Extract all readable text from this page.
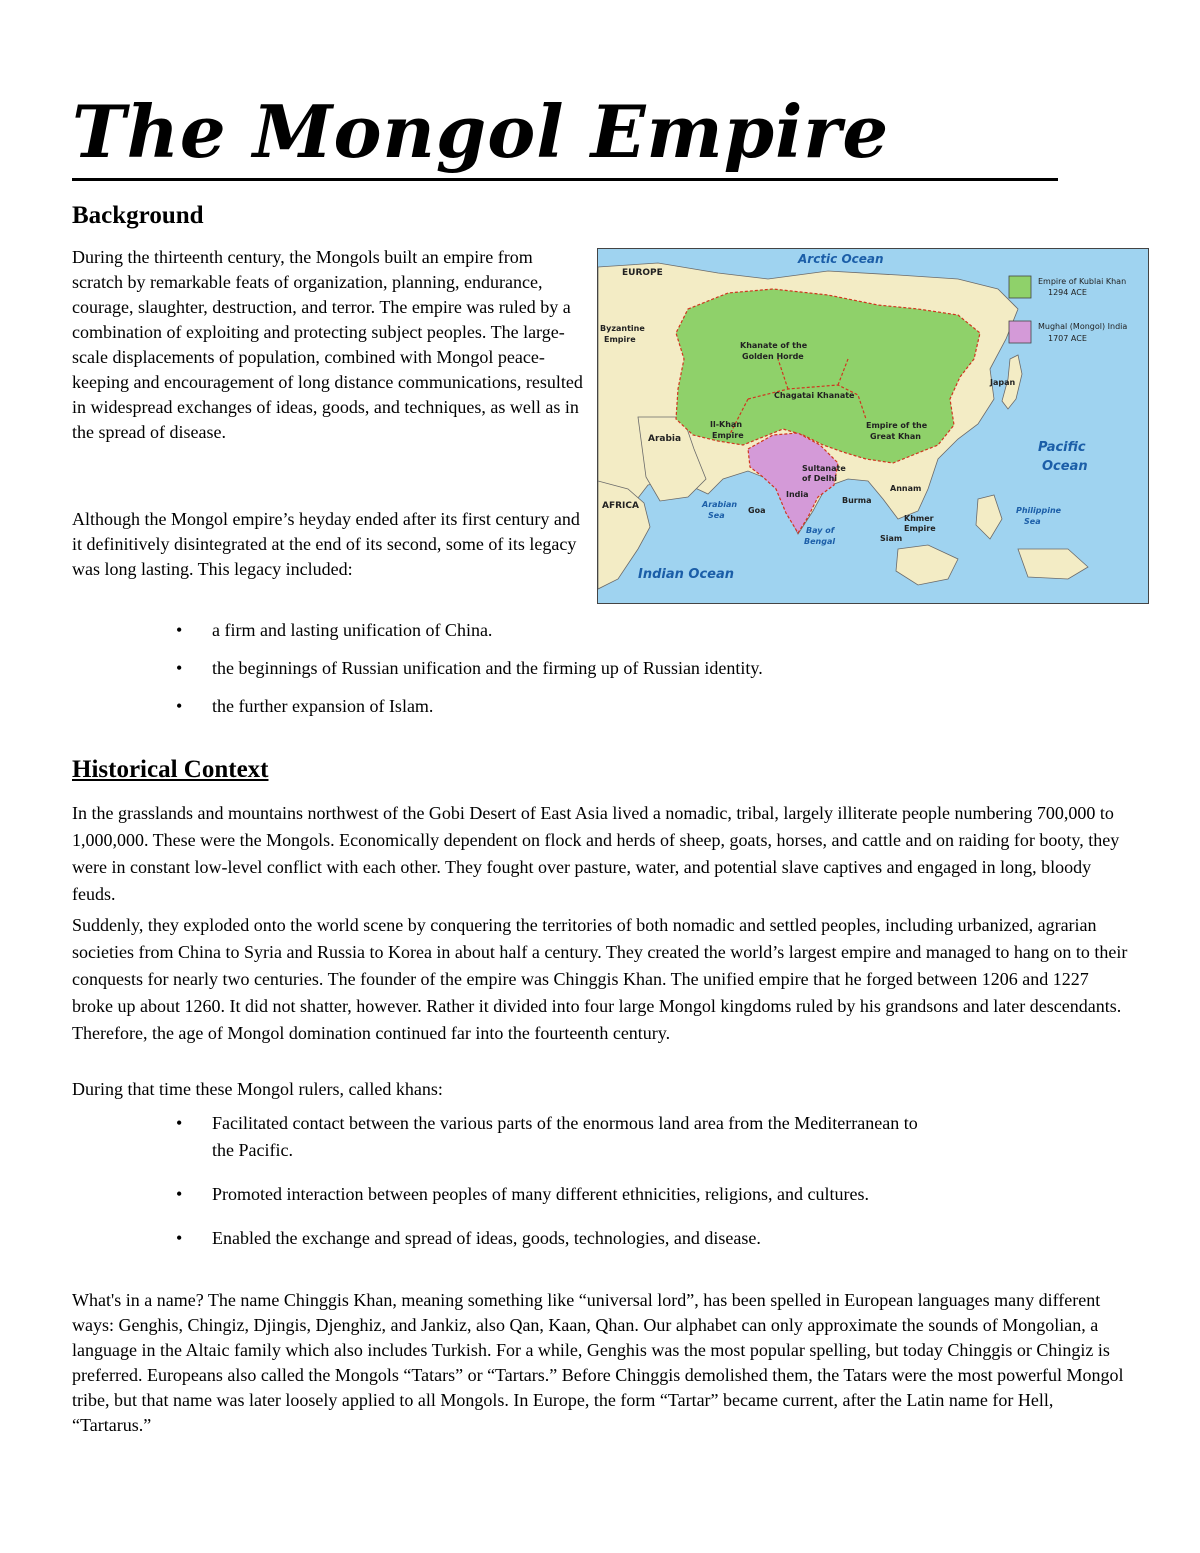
The Mongol Empire
Background

During the thirteenth century, the Mongols built an empire from scratch by remarkable feats of organization, planning, endurance, courage, slaughter, destruction, and terror. The empire was ruled by a combination of exploiting and protecting subject peoples. The large-scale displacements of population, combined with Mongol peace-keeping and encouragement of long distance communications, resulted in widespread exchanges of ideas, goods, and techniques, as well as in the spread of disease.

Although the Mongol empire’s heyday ended after its first century and it definitively disintegrated at the end of its second, some of its legacy was long lasting. This legacy included:

• a firm and lasting unification of China.
• the beginnings of Russian unification and the firming up of Russian identity.
• the further expansion of Islam.
Arctic Ocean
EUROPE
Byzantine
Empire
Khanate of the
Golden Horde
Chagatai Khanate
Il-Khan
Empire
Empire of the
Great Khan
Arabia
Sultanate
of Delhi
India
Burma
Annam
Khmer
Empire
Siam
Goa
Japan
Pacific
Ocean
Philippine
Sea
AFRICA	Arabian
Sea
Bay of
Bengal
Indian Ocean
Empire of Kublai Khan
1294 ACE
Mughal (Mongol) India
1707 ACE
Historical Context

In the grasslands and mountains northwest of the Gobi Desert of East Asia lived a nomadic, tribal, largely illiterate people numbering 700,000 to 1,000,000. These were the Mongols. Economically dependent on flock and herds of sheep, goats, horses, and cattle and on raiding for booty, they were in constant low-level conflict with each other. They fought over pasture, water, and potential slave captives and engaged in long, bloody feuds.

Suddenly, they exploded onto the world scene by conquering the territories of both nomadic and settled peoples, including urbanized, agrarian societies from China to Syria and Russia to Korea in about half a century. They created the world’s largest empire and managed to hang on to their conquests for nearly two centuries. The founder of the empire was Chinggis Khan. The unified empire that he forged between 1206 and 1227 broke up about 1260. It did not shatter, however. Rather it divided into four large Mongol kingdoms ruled by his grandsons and later descendants. Therefore, the age of Mongol domination continued far into the fourteenth century.

During that time these Mongol rulers, called khans:

• Facilitated contact between the various parts of the enormous land area from the Mediterranean to the Pacific.
• Promoted interaction between peoples of many different ethnicities, religions, and cultures.
• Enabled the exchange and spread of ideas, goods, technologies, and disease.

What's in a name? The name Chinggis Khan, meaning something like “universal lord”, has been spelled in European languages many different ways: Genghis, Chingiz, Djingis, Djenghiz, and Jankiz, also Qan, Kaan, Qhan. Our alphabet can only approximate the sounds of Mongolian, a language in the Altaic family which also includes Turkish. For a while, Genghis was the most popular spelling, but today Chinggis or Chingiz is preferred. Europeans also called the Mongols “Tatars” or “Tartars.” Before Chinggis demolished them, the Tatars were the most powerful Mongol tribe, but that name was later loosely applied to all Mongols. In Europe, the form “Tartar” became current, after the Latin name for Hell, “Tartarus.”
